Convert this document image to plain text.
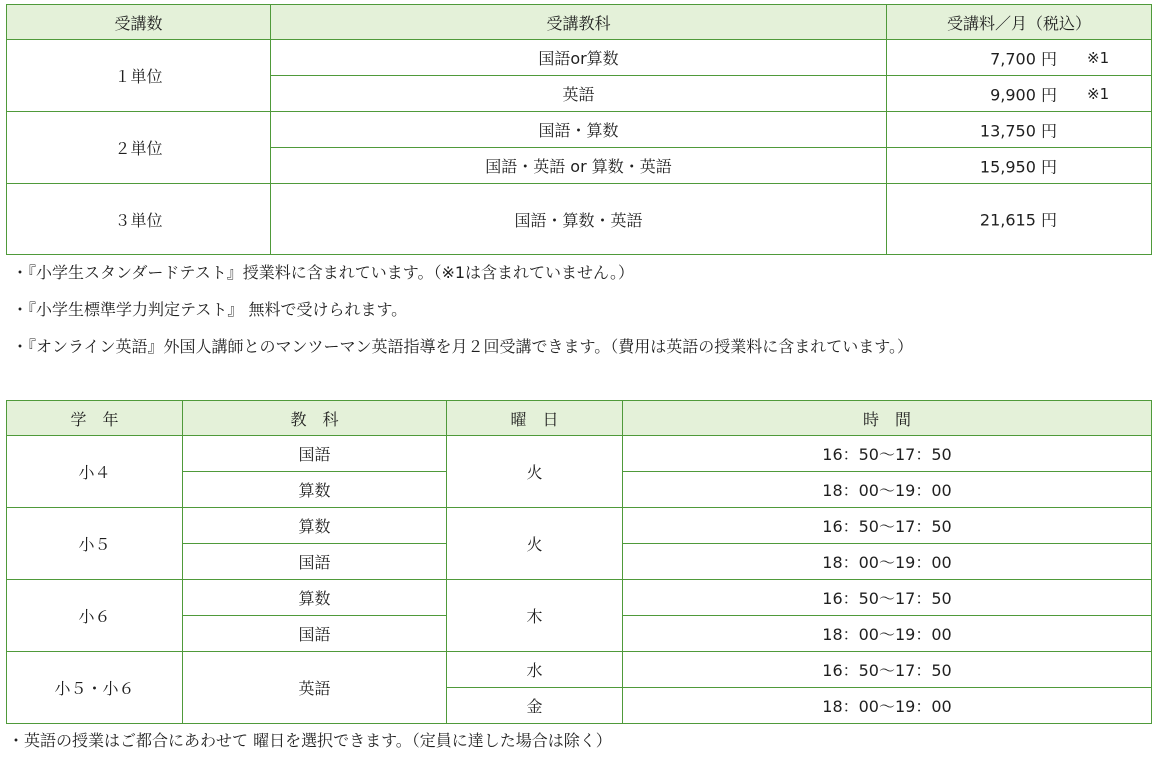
受講数	受講教科	受講料／月（税込）
１単位	国語or算数	7,700 円 ※1

	英語	9,900 円 ※1

２単位	国語・算数	13,750 円

	国語・英語 or 算数・英語	15,950 円

３単位	国語・算数・英語	21,615 円
・『小学生スタンダードテスト』授業料に含まれています。（※1は含まれていません。）
・『小学生標準学力判定テスト』 無料で受けられます。
・『オンライン英語』外国人講師とのマンツーマン英語指導を月２回受講できます。（費用は英語の授業料に含まれています。）
学　年	教　科	曜　日	時　間
小４	国語	火	16：50〜17：50
	算数		18：00〜19：00
小５	算数	火	16：50〜17：50
	国語		18：00〜19：00
小６	算数	木	16：50〜17：50
	国語		18：00〜19：00
小５・小６	英語	水	16：50〜17：50
		金	18：00〜19：00
・英語の授業はご都合にあわせて 曜日を選択できます。（定員に達した場合は除く）
